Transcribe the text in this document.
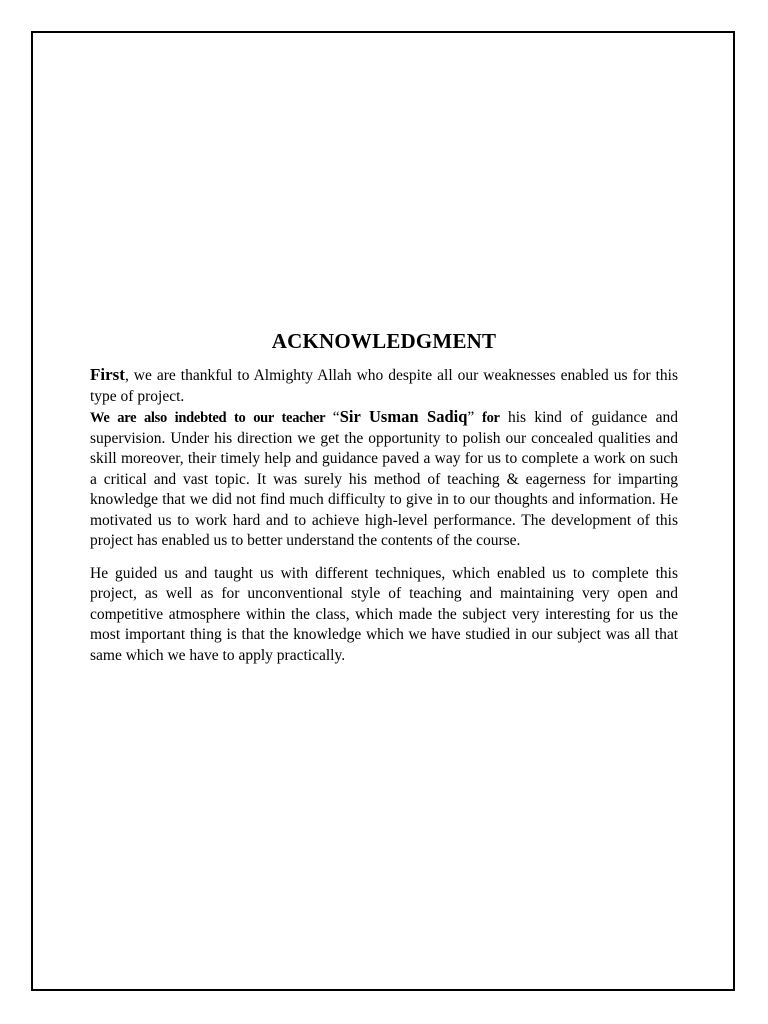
ACKNOWLEDGMENT

First, we are thankful to Almighty Allah who despite all our weaknesses enabled us for this type of project.

We are also indebted to our teacher “Sir Usman Sadiq” for his kind of guidance and supervision. Under his direction we get the opportunity to polish our concealed qualities and skill moreover, their timely help and guidance paved a way for us to complete a work on such a critical and vast topic. It was surely his method of teaching & eagerness for imparting knowledge that we did not find much difficulty to give in to our thoughts and information. He motivated us to work hard and to achieve high-level performance. The development of this project has enabled us to better understand the contents of the course.

He guided us and taught us with different techniques, which enabled us to complete this project, as well as for unconventional style of teaching and maintaining very open and competitive atmosphere within the class, which made the subject very interesting for us the most important thing is that the knowledge which we have studied in our subject was all that same which we have to apply practically.
